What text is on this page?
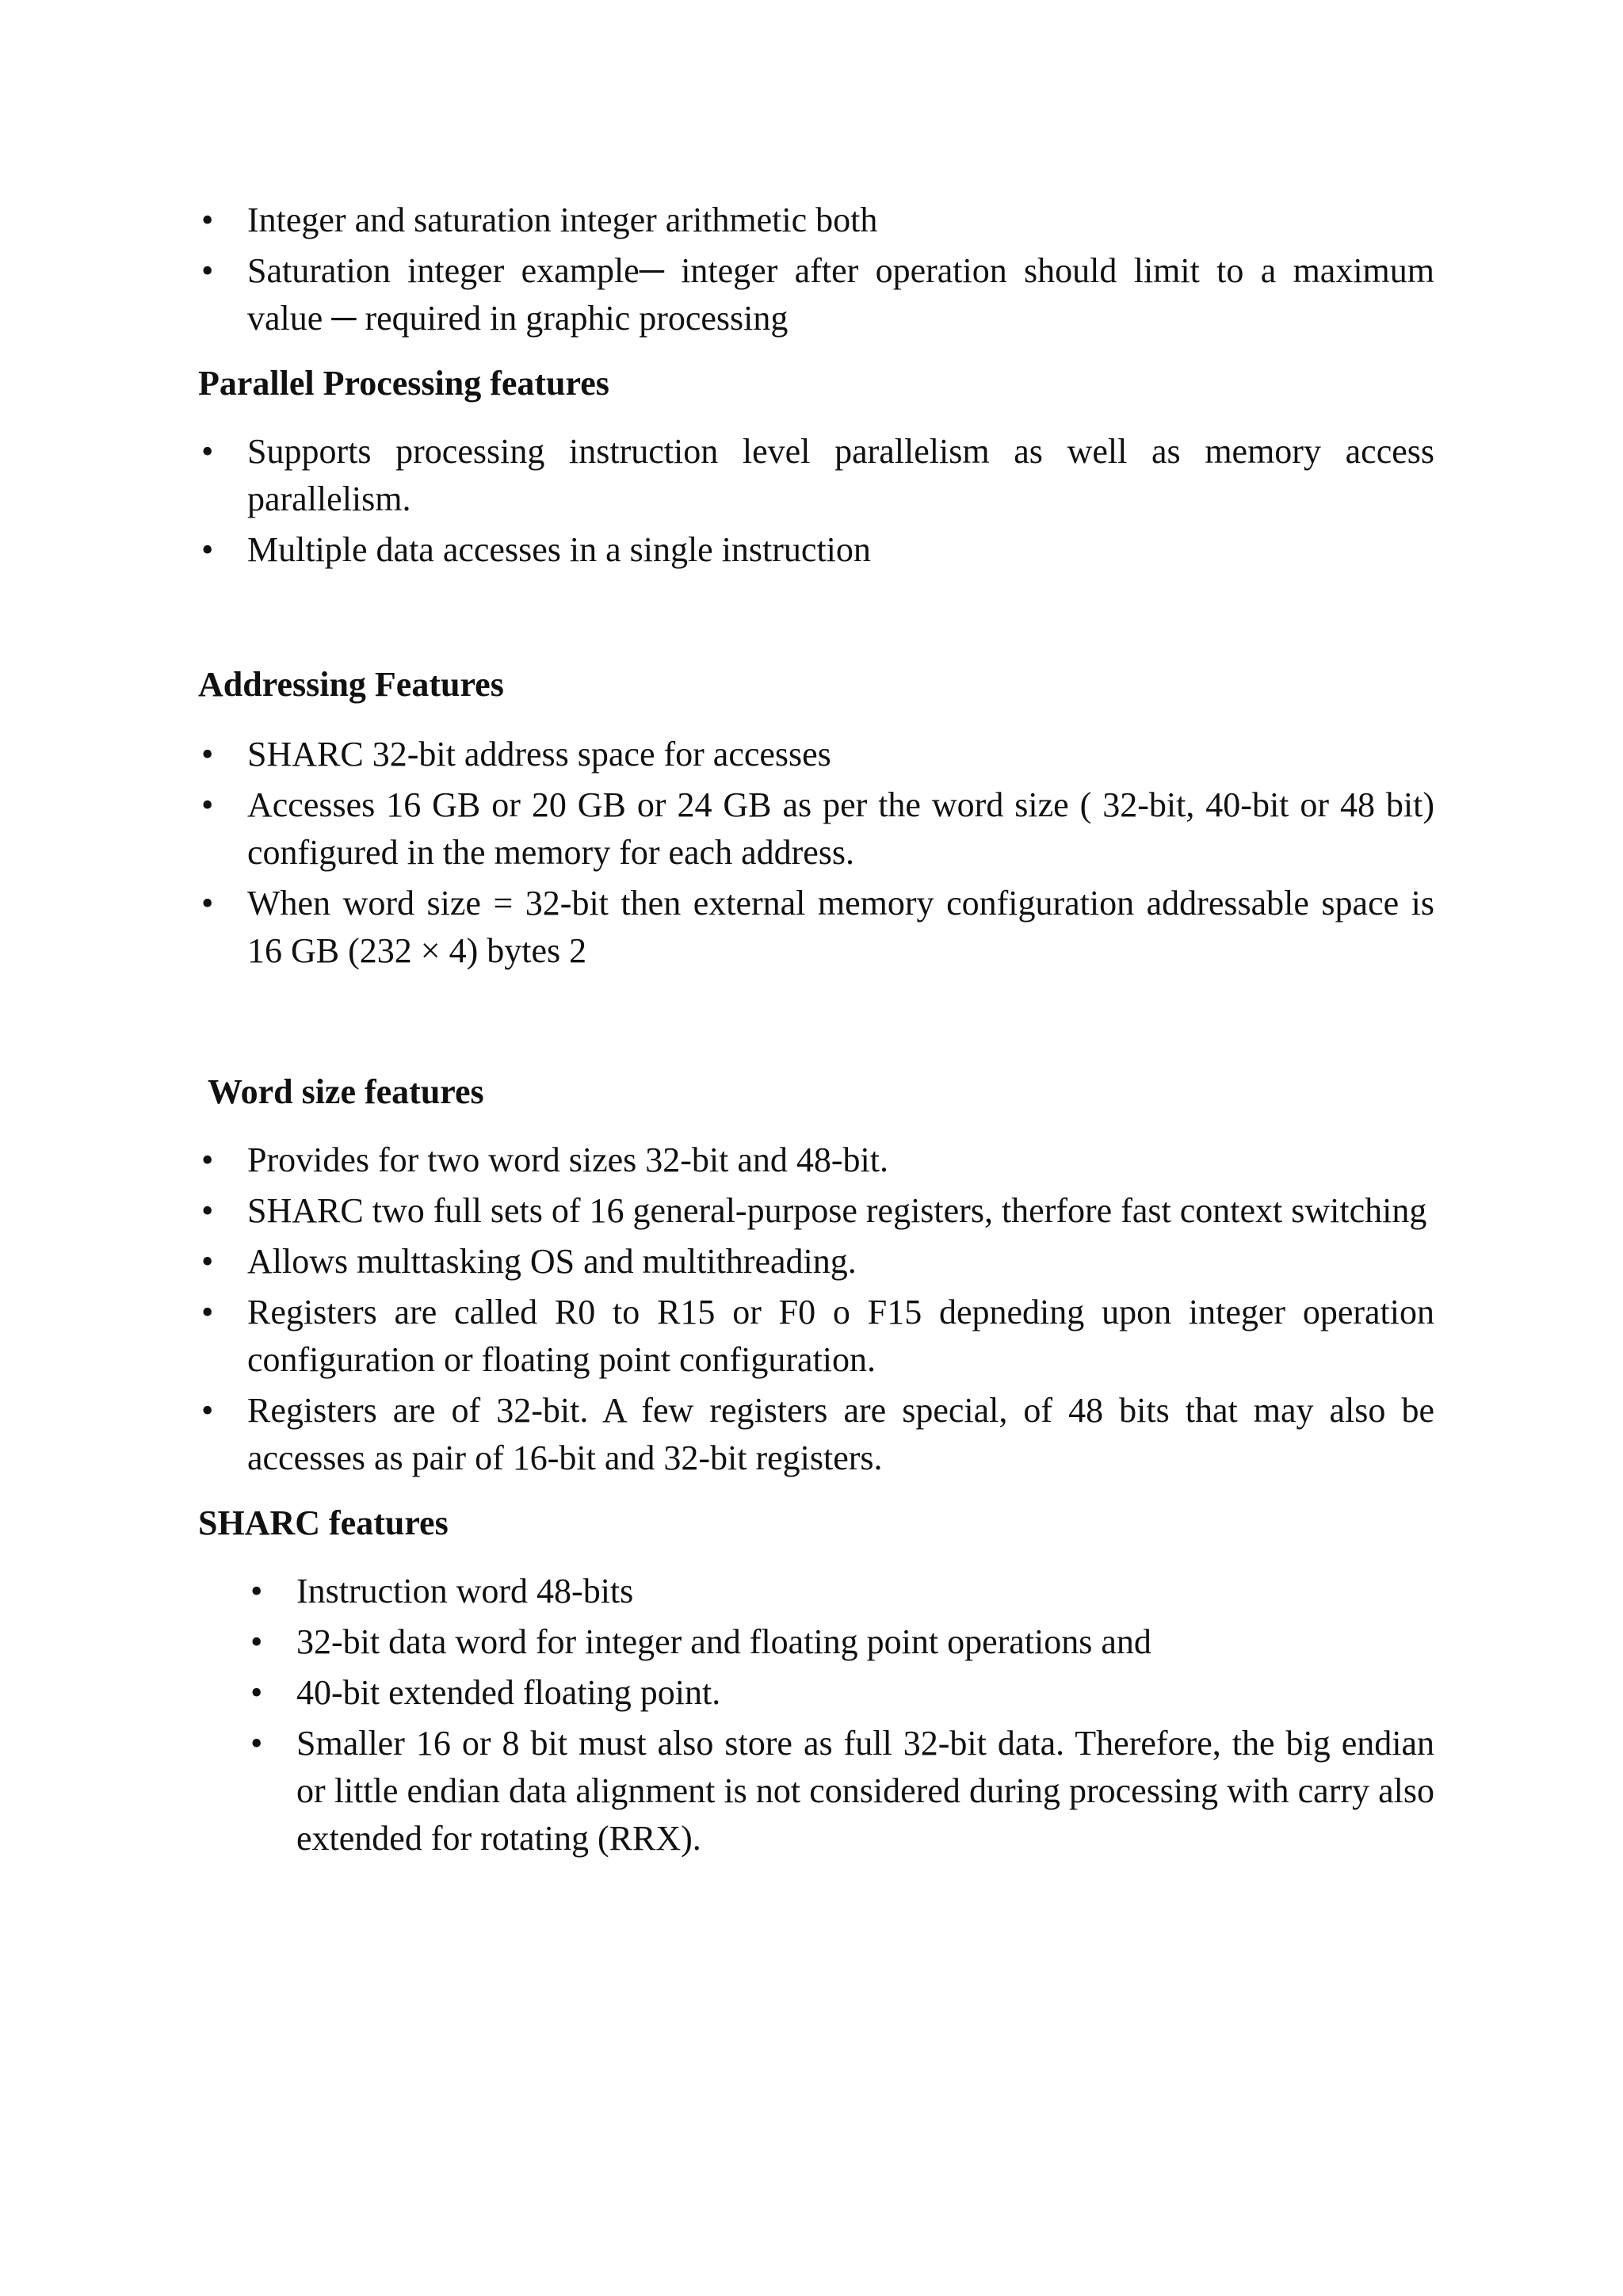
• Integer and saturation integer arithmetic both
• Saturation integer example─ integer after operation should limit to a maximum value ─ required in graphic processing

Parallel Processing features

• Supports processing instruction level parallelism as well as memory access parallelism.
• Multiple data accesses in a single instruction

Addressing Features

• SHARC 32-bit address space for accesses
• Accesses 16 GB or 20 GB or 24 GB as per the word size ( 32-bit, 40-bit or 48 bit) configured in the memory for each address.
• When word size = 32-bit then external memory configuration addressable space is 16 GB (232 × 4) bytes 2

Word size features

• Provides for two word sizes 32-bit and 48-bit.
• SHARC two full sets of 16 general-purpose registers, therfore fast context switching
• Allows multtasking OS and multithreading.
• Registers are called R0 to R15 or F0 o F15 depneding upon integer operation configuration or floating point configuration.
• Registers are of 32-bit. A few registers are special, of 48 bits that may also be accesses as pair of 16-bit and 32-bit registers.

SHARC features

• Instruction word 48-bits
• 32-bit data word for integer and floating point operations and
• 40-bit extended floating point.
• Smaller 16 or 8 bit must also store as full 32-bit data. Therefore, the big endian or little endian data alignment is not considered during processing with carry also extended for rotating (RRX).
